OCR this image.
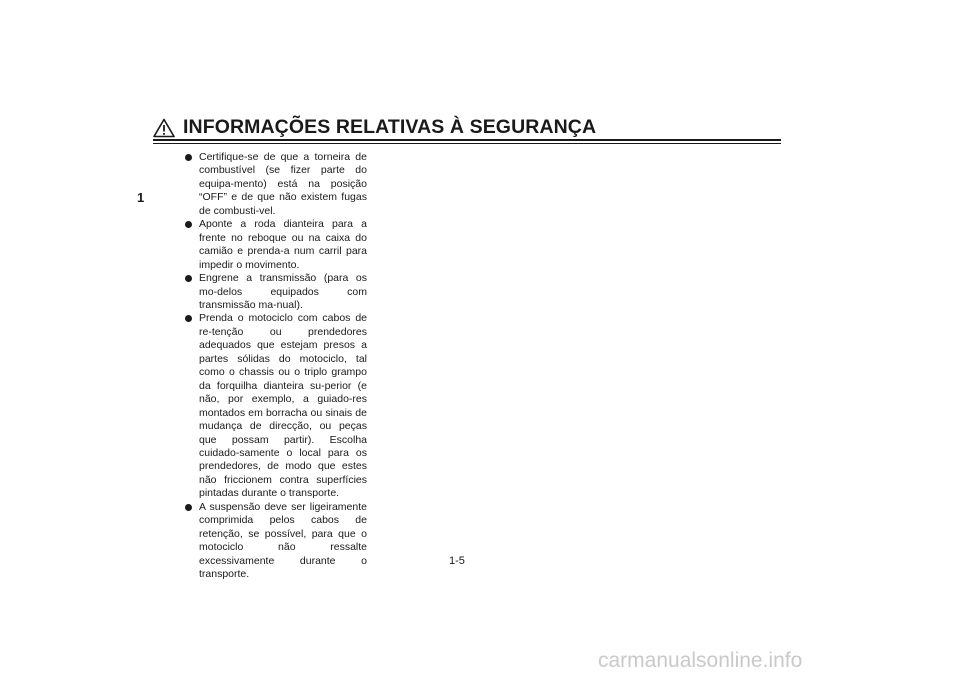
INFORMAÇÕES RELATIVAS À SEGURANÇA
1
Certifique-se de que a torneira de combustível (se fizer parte do equipa-mento) está na posição “OFF” e de que não existem fugas de combusti-vel.
Aponte a roda dianteira para a frente no reboque ou na caixa do camião e prenda-a num carril para impedir o movimento.
Engrene a transmissão (para os mo-delos equipados com transmissão ma-nual).
Prenda o motociclo com cabos de re-tenção ou prendedores adequados que estejam presos a partes sólidas do motociclo, tal como o chassis ou o triplo grampo da forquilha dianteira su-perior (e não, por exemplo, a guiado-res montados em borracha ou sinais de mudança de direcção, ou peças que possam partir). Escolha cuidado-samente o local para os prendedores, de modo que estes não friccionem contra superfícies pintadas durante o transporte.
A suspensão deve ser ligeiramente comprimida pelos cabos de retenção, se possível, para que o motociclo não ressalte excessivamente durante o transporte.
1-5
carmanualsonline.info
